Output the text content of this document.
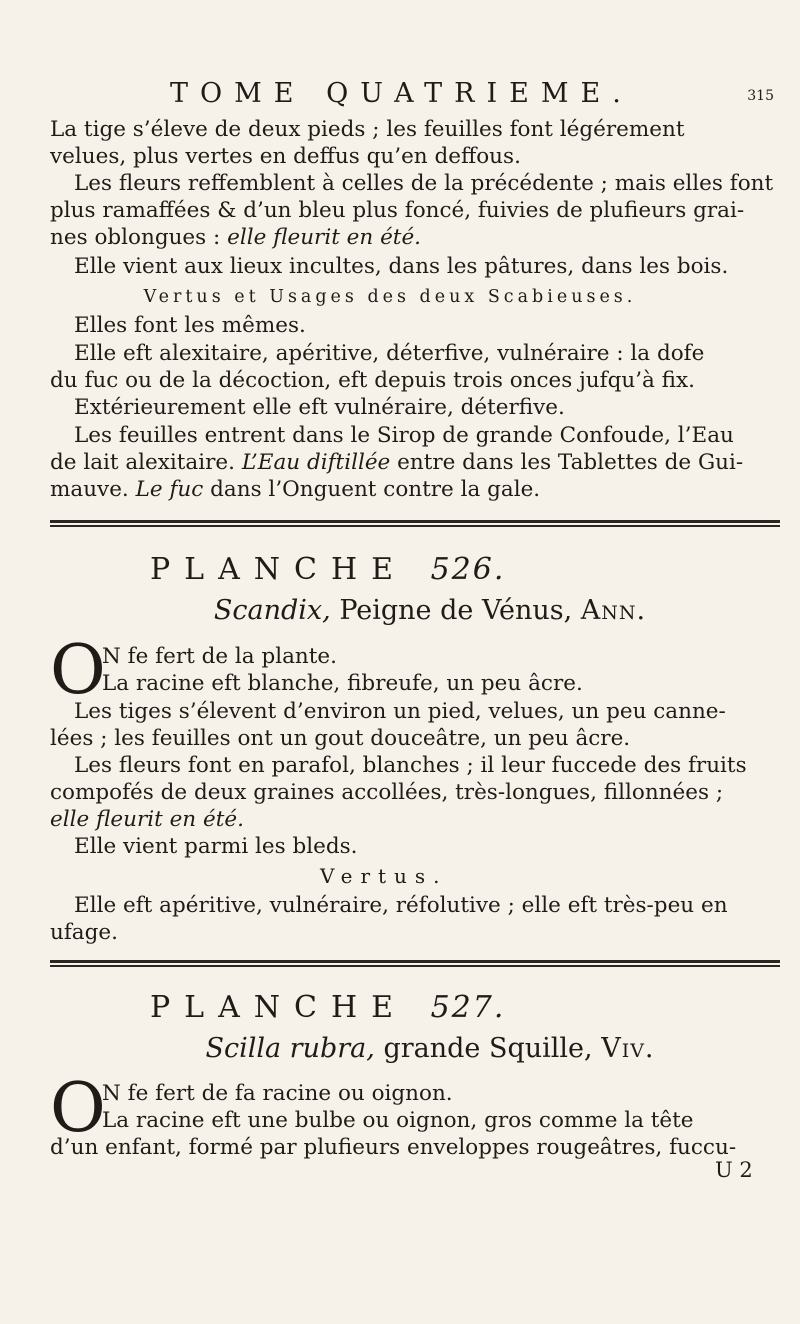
TOME QUATRIEME.	315
La tige s’éleve de deux pieds ; les feuilles font légérement
velues, plus vertes en deffus qu’en deffous.
Les fleurs reffemblent à celles de la précédente ; mais elles font
plus ramaffées & d’un bleu plus foncé, fuivies de plufieurs grai-
nes oblongues : elle fleurit en été.
Elle vient aux lieux incultes, dans les pâtures, dans les bois.
Vertus et Usages des deux Scabieuses.
Elles font les mêmes.
Elle eft alexitaire, apéritive, déterfive, vulnéraire : la dofe
du fuc ou de la décoction, eft depuis trois onces jufqu’à fix.
Extérieurement elle eft vulnéraire, déterfive.
Les feuilles entrent dans le Sirop de grande Confoude, l’Eau
de lait alexitaire. L’Eau diftillée entre dans les Tablettes de Gui-
mauve. Le fuc dans l’Onguent contre la gale.
PLANCHE 526.
Scandix, Peigne de Vénus, Ann.
O
N fe fert de la plante.
La racine eft blanche, fibreufe, un peu âcre.
Les tiges s’élevent d’environ un pied, velues, un peu canne-
lées ; les feuilles ont un gout douceâtre, un peu âcre.
Les fleurs font en parafol, blanches ; il leur fuccede des fruits
compofés de deux graines accollées, très-longues, fillonnées ;
elle fleurit en été.
Elle vient parmi les bleds.
Vertus.
Elle eft apéritive, vulnéraire, réfolutive ; elle eft très-peu en
ufage.
PLANCHE 527.
Scilla rubra, grande Squille, Viv.
O
N fe fert de fa racine ou oignon.
La racine eft une bulbe ou oignon, gros comme la tête
d’un enfant, formé par plufieurs enveloppes rougeâtres, fuccu-
U 2
